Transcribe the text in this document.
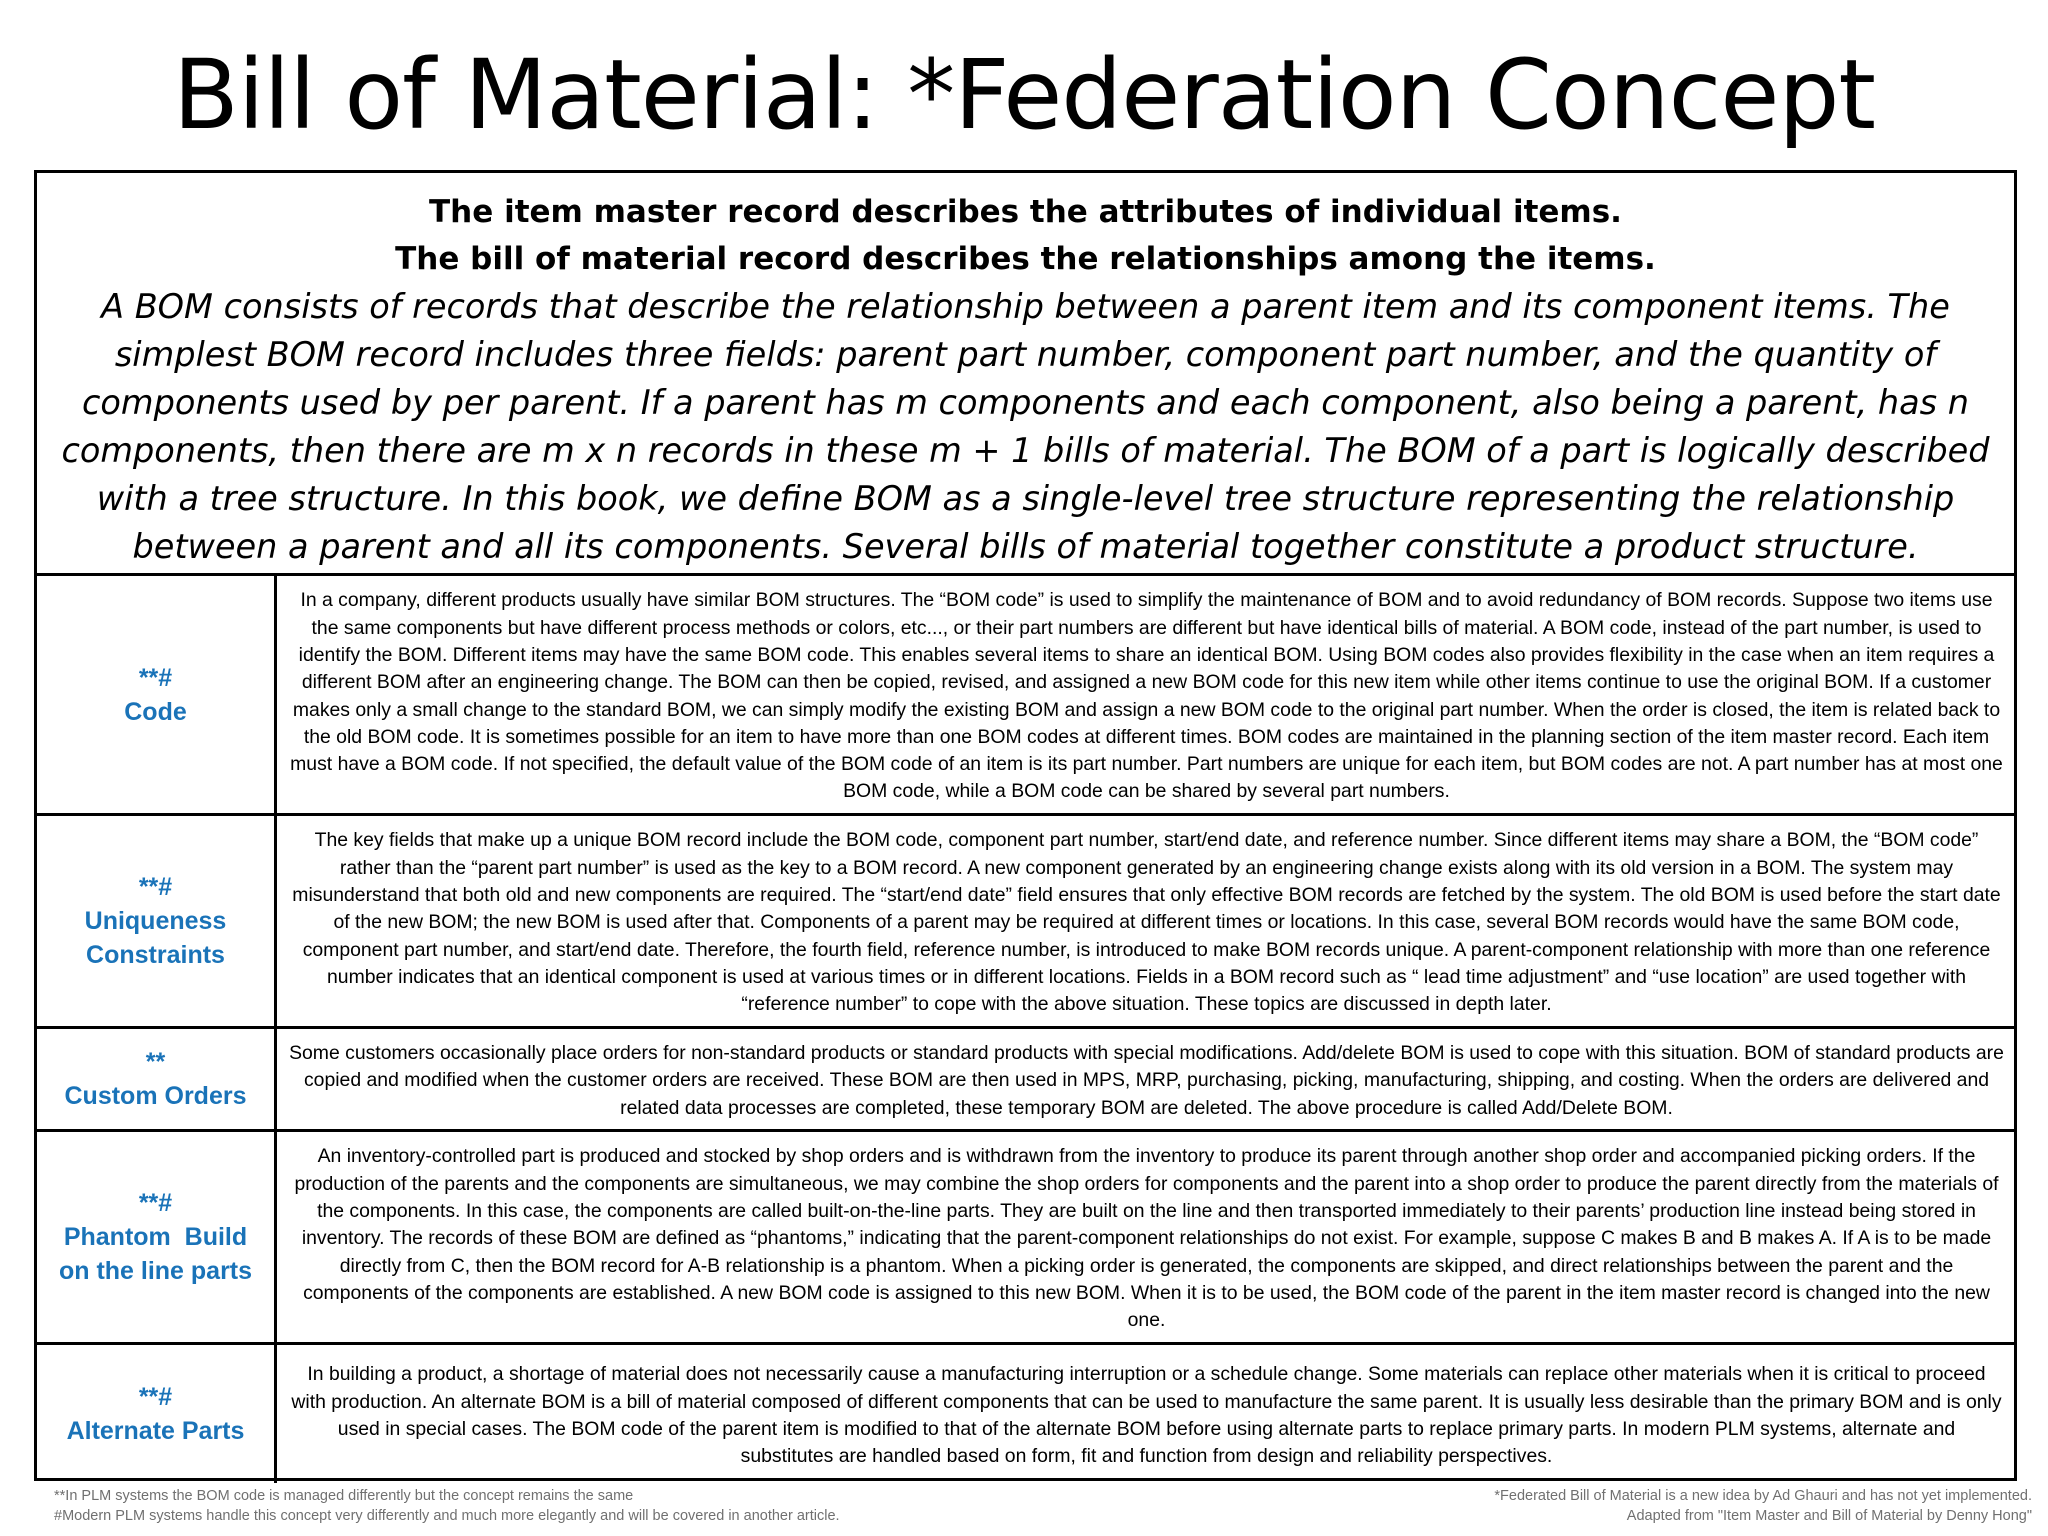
Bill of Material: *Federation Concept
The item master record describes the attributes of individual items.
The bill of material record describes the relationships among the items.
A BOM consists of records that describe the relationship between a parent item and its component items. The simplest BOM record includes three fields: parent part number, component part number, and the quantity of components used by per parent. If a parent has m components and each component, also being a parent, has n components, then there are m x n records in these m + 1 bills of material. The BOM of a part is logically described with a tree structure. In this book, we define BOM as a single-level tree structure representing the relationship between a parent and all its components. Several bills of material together constitute a product structure.
**#
Code
In a company, different products usually have similar BOM structures. The “BOM code” is used to simplify the maintenance of BOM and to avoid redundancy of BOM records. Suppose two items use the same components but have different process methods or colors, etc..., or their part numbers are different but have identical bills of material. A BOM code, instead of the part number, is used to identify the BOM. Different items may have the same BOM code. This enables several items to share an identical BOM. Using BOM codes also provides flexibility in the case when an item requires a different BOM after an engineering change. The BOM can then be copied, revised, and assigned a new BOM code for this new item while other items continue to use the original BOM. If a customer makes only a small change to the standard BOM, we can simply modify the existing BOM and assign a new BOM code to the original part number. When the order is closed, the item is related back to the old BOM code. It is sometimes possible for an item to have more than one BOM codes at different times. BOM codes are maintained in the planning section of the item master record. Each item must have a BOM code. If not specified, the default value of the BOM code of an item is its part number. Part numbers are unique for each item, but BOM codes are not. A part number has at most one BOM code, while a BOM code can be shared by several part numbers.
**#
Uniqueness
Constraints
The key fields that make up a unique BOM record include the BOM code, component part number, start/end date, and reference number. Since different items may share a BOM, the “BOM code” rather than the “parent part number” is used as the key to a BOM record. A new component generated by an engineering change exists along with its old version in a BOM. The system may misunderstand that both old and new components are required. The “start/end date” field ensures that only effective BOM records are fetched by the system. The old BOM is used before the start date of the new BOM; the new BOM is used after that. Components of a parent may be required at different times or locations. In this case, several BOM records would have the same BOM code, component part number, and start/end date. Therefore, the fourth field, reference number, is introduced to make BOM records unique. A parent-component relationship with more than one reference number indicates that an identical component is used at various times or in different locations. Fields in a BOM record such as “ lead time adjustment” and “use location” are used together with “reference number” to cope with the above situation. These topics are discussed in depth later.
**
Custom Orders
Some customers occasionally place orders for non-standard products or standard products with special modifications. Add/delete BOM is used to cope with this situation. BOM of standard products are copied and modified when the customer orders are received. These BOM are then used in MPS, MRP, purchasing, picking, manufacturing, shipping, and costing. When the orders are delivered and related data processes are completed, these temporary BOM are deleted. The above procedure is called Add/Delete BOM.
**#
Phantom  Build
on the line parts
An inventory-controlled part is produced and stocked by shop orders and is withdrawn from the inventory to produce its parent through another shop order and accompanied picking orders. If the production of the parents and the components are simultaneous, we may combine the shop orders for components and the parent into a shop order to produce the parent directly from the materials of the components. In this case, the components are called built-on-the-line parts. They are built on the line and then transported immediately to their parents’ production line instead being stored in inventory. The records of these BOM are defined as “phantoms,” indicating that the parent-component relationships do not exist. For example, suppose C makes B and B makes A. If A is to be made directly from C, then the BOM record for A-B relationship is a phantom. When a picking order is generated, the components are skipped, and direct relationships between the parent and the components of the components are established. A new BOM code is assigned to this new BOM. When it is to be used, the BOM code of the parent in the item master record is changed into the new one.
**#
Alternate Parts
In building a product, a shortage of material does not necessarily cause a manufacturing interruption or a schedule change. Some materials can replace other materials when it is critical to proceed with production. An alternate BOM is a bill of material composed of different components that can be used to manufacture the same parent. It is usually less desirable than the primary BOM and is only used in special cases. The BOM code of the parent item is modified to that of the alternate BOM before using alternate parts to replace primary parts. In modern PLM systems, alternate and substitutes are handled based on form, fit and function from design and reliability perspectives.
**In PLM systems the BOM code is managed differently but the concept remains the same
#Modern PLM systems handle this concept very differently and much more elegantly and will be covered in another article.
*Federated Bill of Material is a new idea by Ad Ghauri and has not yet implemented.
Adapted from "Item Master and Bill of Material by Denny Hong"
